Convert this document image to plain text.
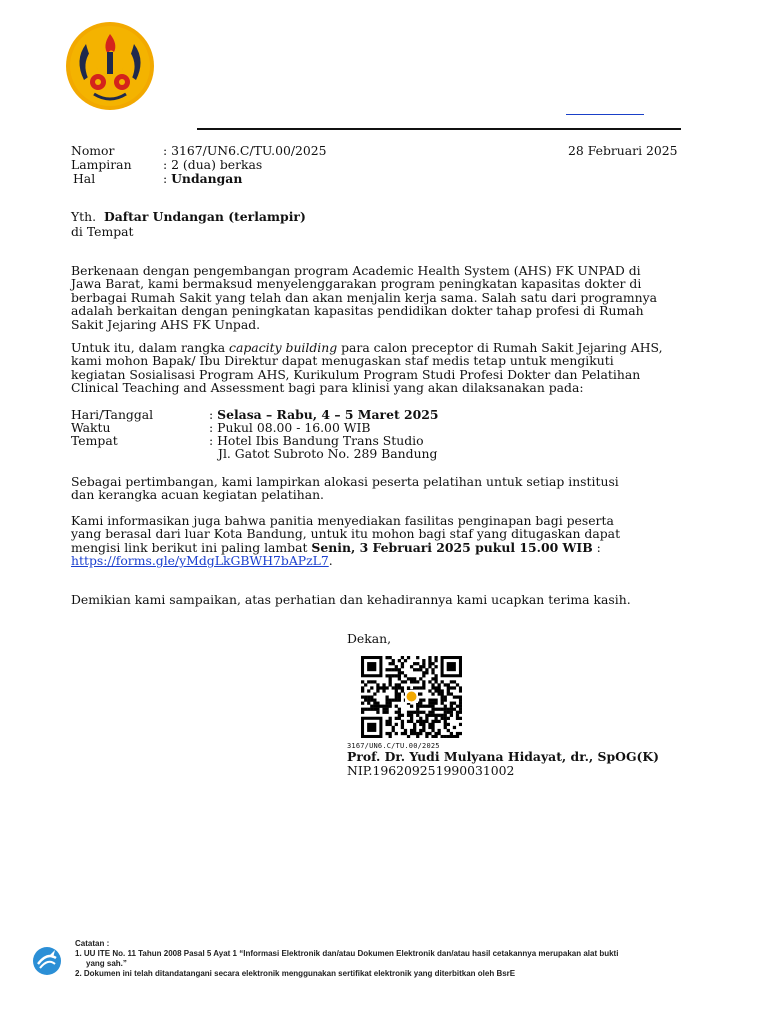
Nomor	: 3167/UN6.C/TU.00/2025	28 Februari 2025
Lampiran	: 2 (dua) berkas
Hal	: Undangan
Yth. Daftar Undangan (terlampir)
di Tempat
Berkenaan dengan pengembangan program Academic Health System (AHS) FK UNPAD di
Jawa Barat, kami bermaksud menyelenggarakan program peningkatan kapasitas dokter di
berbagai Rumah Sakit yang telah dan akan menjalin kerja sama. Salah satu dari programnya
adalah berkaitan dengan peningkatan kapasitas pendidikan dokter tahap profesi di Rumah
Sakit Jejaring AHS FK Unpad.
Untuk itu, dalam rangka capacity building para calon preceptor di Rumah Sakit Jejaring AHS,
kami mohon Bapak/ Ibu Direktur dapat menugaskan staf medis tetap untuk mengikuti
kegiatan Sosialisasi Program AHS, Kurikulum Program Studi Profesi Dokter dan Pelatihan
Clinical Teaching and Assessment bagi para klinisi yang akan dilaksanakan pada:
Hari/Tanggal	: Selasa – Rabu, 4 – 5 Maret 2025
Waktu	: Pukul 08.00 - 16.00 WIB
Tempat	: Hotel Ibis Bandung Trans Studio
Jl. Gatot Subroto No. 289 Bandung
Sebagai pertimbangan, kami lampirkan alokasi peserta pelatihan untuk setiap institusi
dan kerangka acuan kegiatan pelatihan.
Kami informasikan juga bahwa panitia menyediakan fasilitas penginapan bagi peserta
yang berasal dari luar Kota Bandung, untuk itu mohon bagi staf yang ditugaskan dapat
mengisi link berikut ini paling lambat Senin, 3 Februari 2025 pukul 15.00 WIB :
https://forms.gle/yMdgLkGBWH7bAPzL7.
Demikian kami sampaikan, atas perhatian dan kehadirannya kami ucapkan terima kasih.
Dekan,
3167/UN6.C/TU.00/2025
Prof. Dr. Yudi Mulyana Hidayat, dr., SpOG(K)
NIP.196209251990031002
Catatan :
1. UU ITE No. 11 Tahun 2008 Pasal 5 Ayat 1 “Informasi Elektronik dan/atau Dokumen Elektronik dan/atau hasil cetakannya merupakan alat bukti
yang sah.”
2. Dokumen ini telah ditandatangani secara elektronik menggunakan sertifikat elektronik yang diterbitkan oleh BsrE
